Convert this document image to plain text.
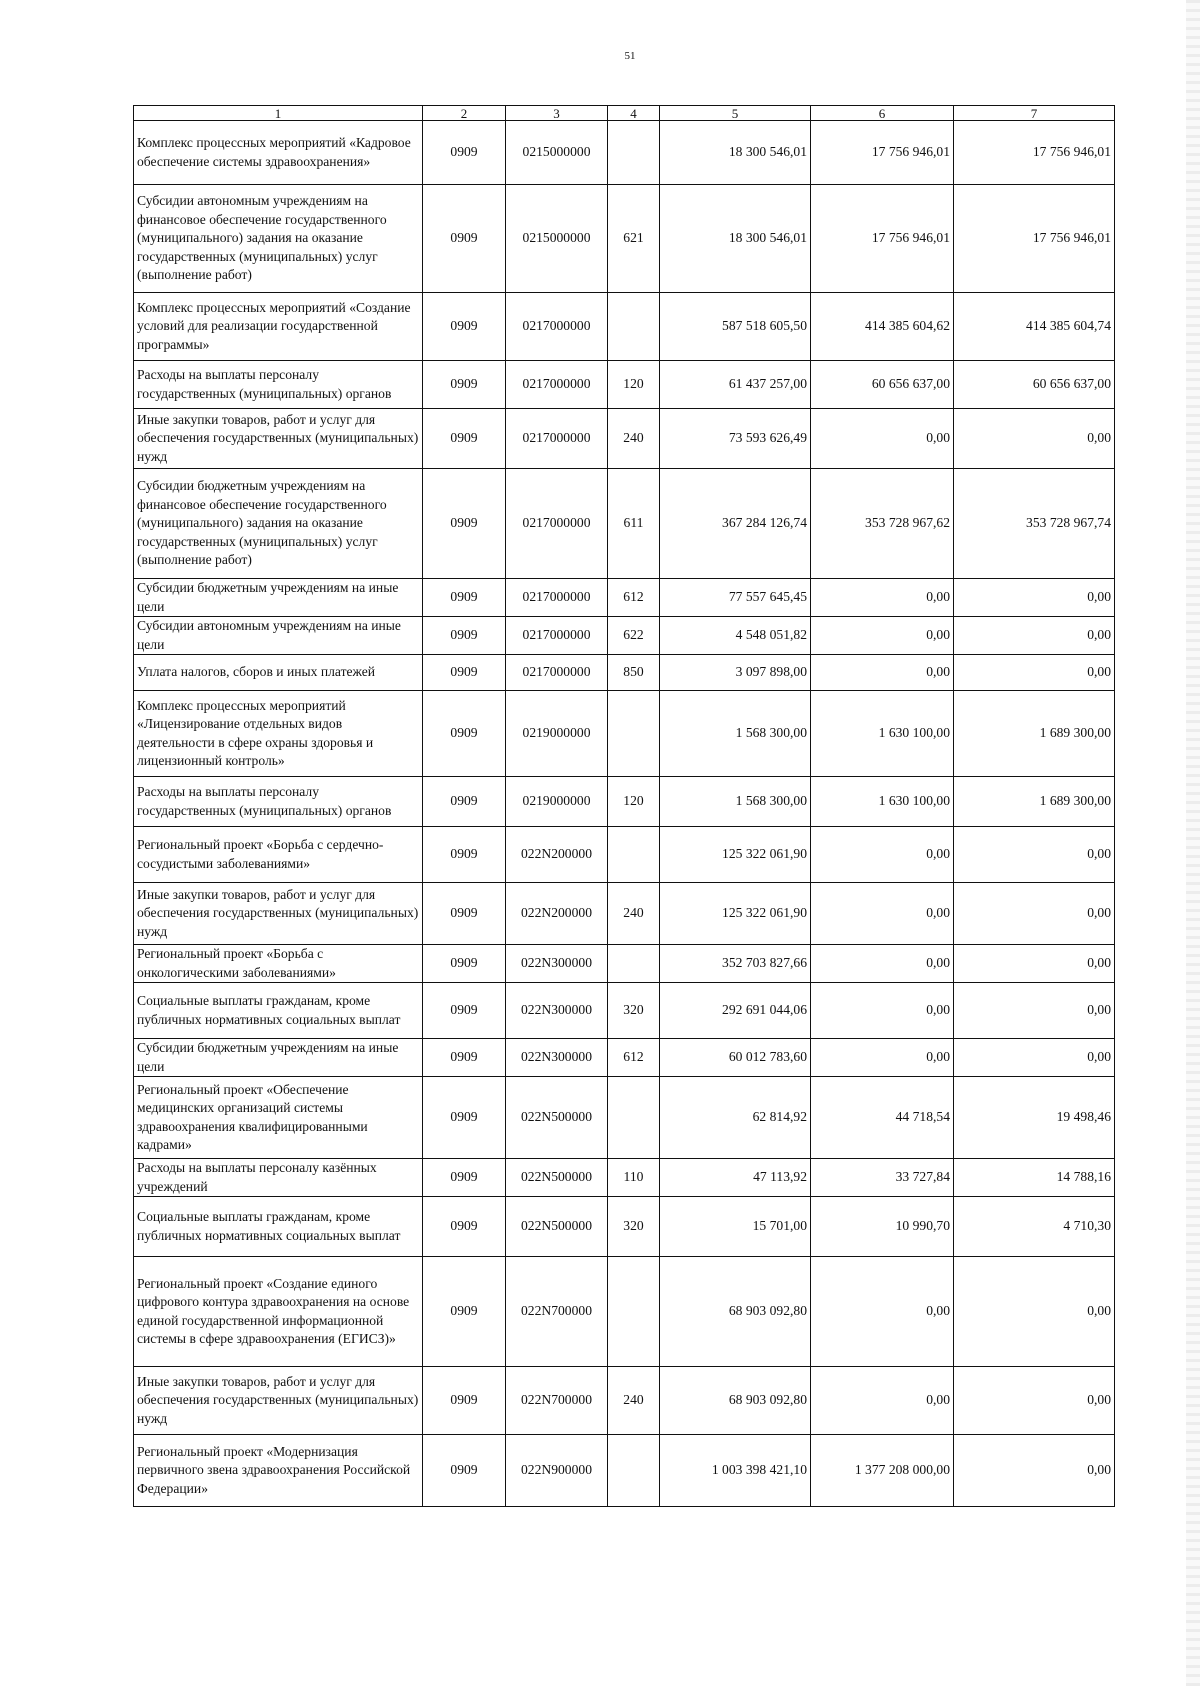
51
1	2	3	4	5	6	7
Комплекс процессных мероприятий «Кадровое обеспечение системы здравоохранения»	0909	0215000000		18 300 546,01	17 756 946,01	17 756 946,01
Субсидии автономным учреждениям на финансовое обеспечение государственного (муниципального) задания на оказание государственных (муниципальных) услуг (выполнение работ)	0909	0215000000	621	18 300 546,01	17 756 946,01	17 756 946,01
Комплекс процессных мероприятий «Создание условий для реализации государственной программы»	0909	0217000000		587 518 605,50	414 385 604,62	414 385 604,74
Расходы на выплаты персоналу государственных (муниципальных) органов	0909	0217000000	120	61 437 257,00	60 656 637,00	60 656 637,00
Иные закупки товаров, работ и услуг для обеспечения государственных (муниципальных) нужд	0909	0217000000	240	73 593 626,49	0,00	0,00
Субсидии бюджетным учреждениям на финансовое обеспечение государственного (муниципального) задания на оказание государственных (муниципальных) услуг (выполнение работ)	0909	0217000000	611	367 284 126,74	353 728 967,62	353 728 967,74
Субсидии бюджетным учреждениям на иные цели	0909	0217000000	612	77 557 645,45	0,00	0,00
Субсидии автономным учреждениям на иные цели	0909	0217000000	622	4 548 051,82	0,00	0,00
Уплата налогов, сборов и иных платежей	0909	0217000000	850	3 097 898,00	0,00	0,00
Комплекс процессных мероприятий «Лицензирование отдельных видов деятельности в сфере охраны здоровья и лицензионный контроль»	0909	0219000000		1 568 300,00	1 630 100,00	1 689 300,00
Расходы на выплаты персоналу государственных (муниципальных) органов	0909	0219000000	120	1 568 300,00	1 630 100,00	1 689 300,00
Региональный проект «Борьба с сердечно-сосудистыми заболеваниями»	0909	022N200000		125 322 061,90	0,00	0,00
Иные закупки товаров, работ и услуг для обеспечения государственных (муниципальных) нужд	0909	022N200000	240	125 322 061,90	0,00	0,00
Региональный проект «Борьба с онкологическими заболеваниями»	0909	022N300000		352 703 827,66	0,00	0,00
Социальные выплаты гражданам, кроме публичных нормативных социальных выплат	0909	022N300000	320	292 691 044,06	0,00	0,00
Субсидии бюджетным учреждениям на иные цели	0909	022N300000	612	60 012 783,60	0,00	0,00
Региональный проект «Обеспечение медицинских организаций системы здравоохранения квалифицированными кадрами»	0909	022N500000		62 814,92	44 718,54	19 498,46
Расходы на выплаты персоналу казённых учреждений	0909	022N500000	110	47 113,92	33 727,84	14 788,16
Социальные выплаты гражданам, кроме публичных нормативных социальных выплат	0909	022N500000	320	15 701,00	10 990,70	4 710,30
Региональный проект «Создание единого цифрового контура здравоохранения на основе единой государственной информационной системы в сфере здравоохранения (ЕГИСЗ)»	0909	022N700000		68 903 092,80	0,00	0,00
Иные закупки товаров, работ и услуг для обеспечения государственных (муниципальных) нужд	0909	022N700000	240	68 903 092,80	0,00	0,00
Региональный проект «Модернизация первичного звена здравоохранения Российской Федерации»	0909	022N900000		1 003 398 421,10	1 377 208 000,00	0,00
